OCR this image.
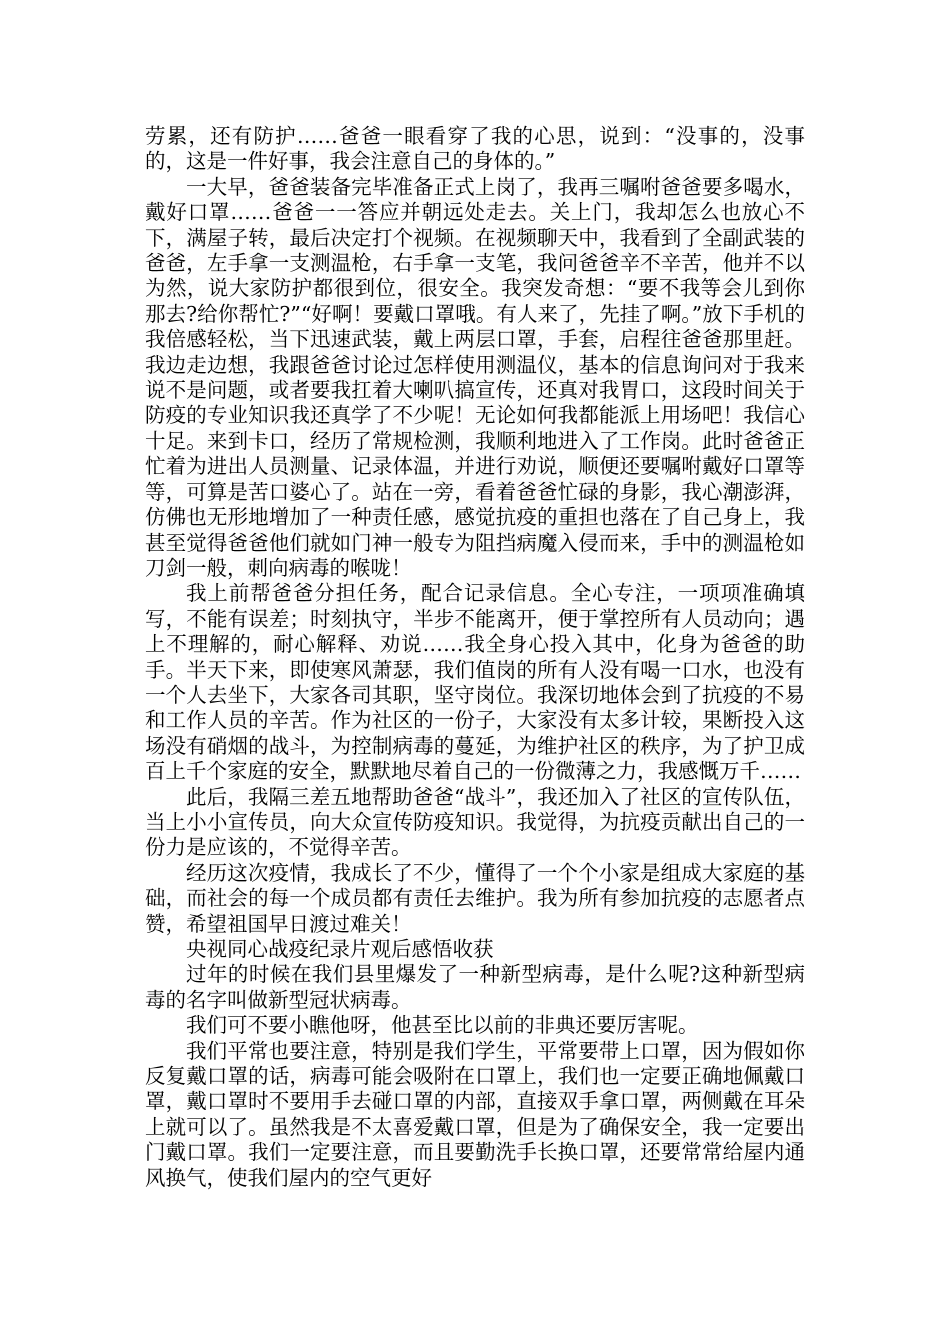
劳累，还有防护……爸爸一眼看穿了我的心思，说到：“没事的，没事的，这是一件好事，我会注意自己的身体的。”

一大早，爸爸装备完毕准备正式上岗了，我再三嘱咐爸爸要多喝水，戴好口罩……爸爸一一答应并朝远处走去。关上门，我却怎么也放心不下，满屋子转，最后决定打个视频。在视频聊天中，我看到了全副武装的爸爸，左手拿一支测温枪，右手拿一支笔，我问爸爸辛不辛苦，他并不以为然，说大家防护都很到位，很安全。我突发奇想：“要不我等会儿到你那去?给你帮忙?”“好啊！要戴口罩哦。有人来了，先挂了啊。”放下手机的我倍感轻松，当下迅速武装，戴上两层口罩，手套，启程往爸爸那里赶。我边走边想，我跟爸爸讨论过怎样使用测温仪，基本的信息询问对于我来说不是问题，或者要我扛着大喇叭搞宣传，还真对我胃口，这段时间关于防疫的专业知识我还真学了不少呢！无论如何我都能派上用场吧！我信心十足。来到卡口，经历了常规检测，我顺利地进入了工作岗。此时爸爸正忙着为进出人员测量、记录体温，并进行劝说，顺便还要嘱咐戴好口罩等等，可算是苦口婆心了。站在一旁，看着爸爸忙碌的身影，我心潮澎湃，仿佛也无形地增加了一种责任感，感觉抗疫的重担也落在了自己身上，我甚至觉得爸爸他们就如门神一般专为阻挡病魔入侵而来，手中的测温枪如刀剑一般，刺向病毒的喉咙！

我上前帮爸爸分担任务，配合记录信息。全心专注，一项项准确填写，不能有误差；时刻执守，半步不能离开，便于掌控所有人员动向；遇上不理解的，耐心解释、劝说……我全身心投入其中，化身为爸爸的助手。半天下来，即使寒风萧瑟，我们值岗的所有人没有喝一口水，也没有一个人去坐下，大家各司其职，坚守岗位。我深切地体会到了抗疫的不易和工作人员的辛苦。作为社区的一份子，大家没有太多计较，果断投入这场没有硝烟的战斗，为控制病毒的蔓延，为维护社区的秩序，为了护卫成百上千个家庭的安全，默默地尽着自己的一份微薄之力，我感慨万千……

此后，我隔三差五地帮助爸爸“战斗”，我还加入了社区的宣传队伍，当上小小宣传员，向大众宣传防疫知识。我觉得，为抗疫贡献出自己的一份力是应该的，不觉得辛苦。

经历这次疫情，我成长了不少，懂得了一个个小家是组成大家庭的基础，而社会的每一个成员都有责任去维护。我为所有参加抗疫的志愿者点赞，希望祖国早日渡过难关！

央视同心战疫纪录片观后感悟收获

过年的时候在我们县里爆发了一种新型病毒，是什么呢?这种新型病毒的名字叫做新型冠状病毒。

我们可不要小瞧他呀，他甚至比以前的非典还要厉害呢。

我们平常也要注意，特别是我们学生，平常要带上口罩，因为假如你反复戴口罩的话，病毒可能会吸附在口罩上，我们也一定要正确地佩戴口罩，戴口罩时不要用手去碰口罩的内部，直接双手拿口罩，两侧戴在耳朵上就可以了。虽然我是不太喜爱戴口罩，但是为了确保安全，我一定要出门戴口罩。我们一定要注意，而且要勤洗手长换口罩，还要常常给屋内通风换气，使我们屋内的空气更好
